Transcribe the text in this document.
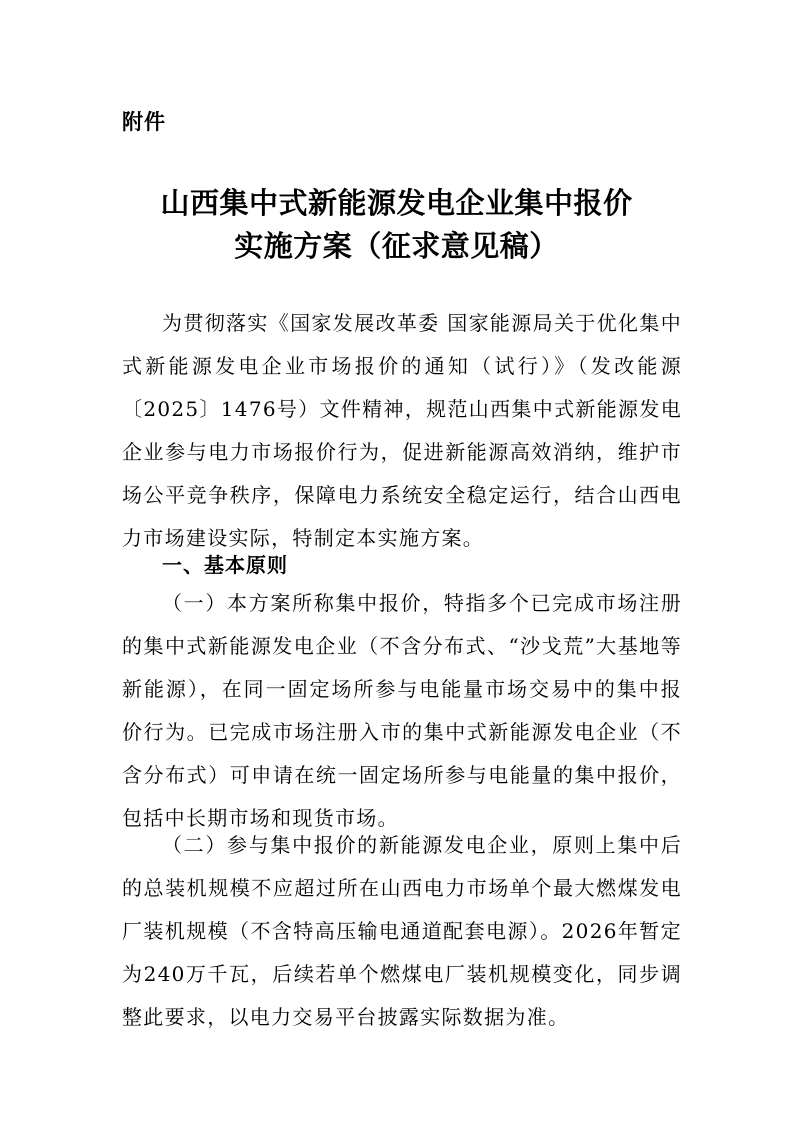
附件
山西集中式新能源发电企业集中报价
实施方案（征求意见稿）

为贯彻落实《国家发展改革委 国家能源局关于优化集中式新能源发电企业市场报价的通知（试行）》（发改能源〔2025〕1476号）文件精神，规范山西集中式新能源发电企业参与电力市场报价行为，促进新能源高效消纳，维护市场公平竞争秩序，保障电力系统安全稳定运行，结合山西电力市场建设实际，特制定本实施方案。

一、基本原则

（一）本方案所称集中报价，特指多个已完成市场注册的集中式新能源发电企业（不含分布式、“沙戈荒”大基地等新能源），在同一固定场所参与电能量市场交易中的集中报价行为。已完成市场注册入市的集中式新能源发电企业（不含分布式）可申请在统一固定场所参与电能量的集中报价，包括中长期市场和现货市场。

（二）参与集中报价的新能源发电企业，原则上集中后的总装机规模不应超过所在山西电力市场单个最大燃煤发电厂装机规模（不含特高压输电通道配套电源）。2026年暂定为240万千瓦，后续若单个燃煤电厂装机规模变化，同步调整此要求，以电力交易平台披露实际数据为准。
